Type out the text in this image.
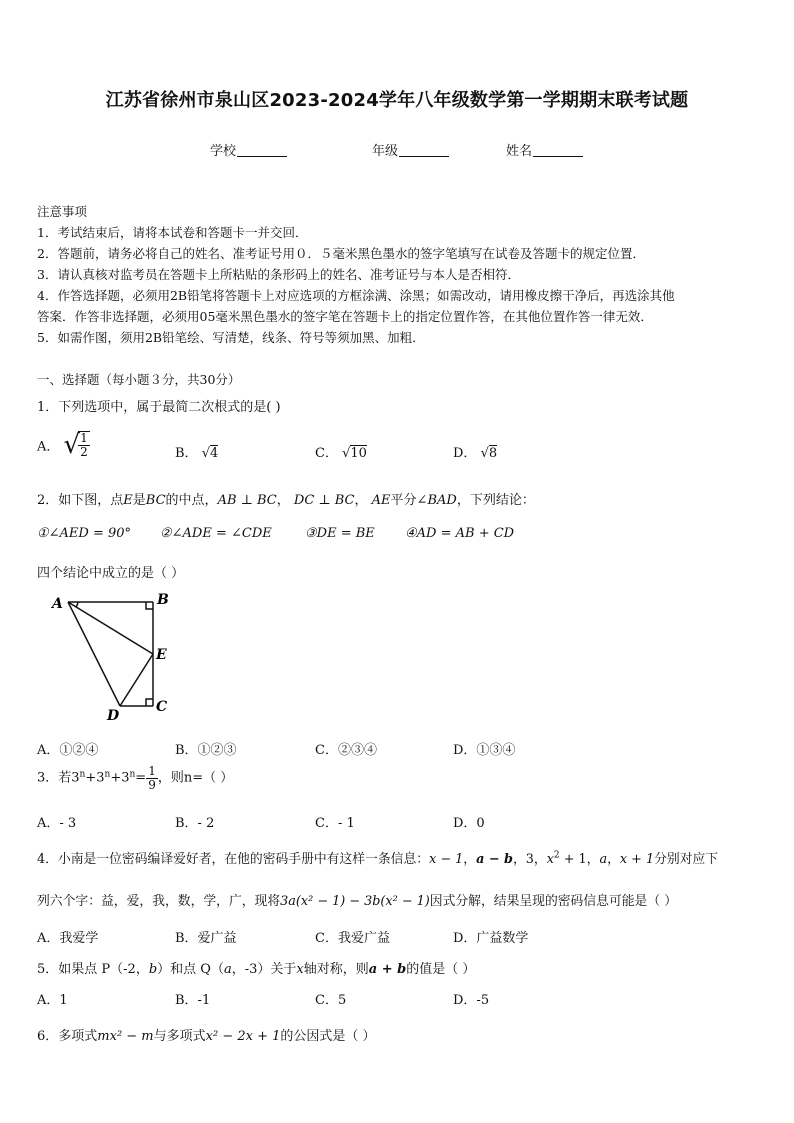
江苏省徐州市泉山区2023-2024学年八年级数学第一学期期末联考试题
学校	年级	姓名
注意事项
1．考试结束后，请将本试卷和答题卡一并交回．
2．答题前，请务必将自己的姓名、准考证号用０．５毫米黑色墨水的签字笔填写在试卷及答题卡的规定位置．
3．请认真核对监考员在答题卡上所粘贴的条形码上的姓名、准考证号与本人是否相符．
4．作答选择题，必须用2B铅笔将答题卡上对应选项的方框涂满、涂黑；如需改动，请用橡皮擦干净后，再选涂其他
答案．作答非选择题，必须用05毫米黑色墨水的签字笔在答题卡上的指定位置作答，在其他位置作答一律无效．
5．如需作图，须用2B铅笔绘、写清楚，线条、符号等须加黑、加粗．
一、选择题（每小题３分，共30分）
1．下列选项中，属于最简二次根式的是( )
A． √
$\frac{1}{2}$	B． √4	C． √10	D． √8
2．如下图，点E是BC的中点，AB ⊥ BC， DC ⊥ BC， AE平分∠BAD，下列结论：
①∠AED = 90° ②∠ADE = ∠CDE	③DE = BE ④AD = AB + CD
四个结论中成立的是（ ）
A	B
E
C
D
A．①②④	B．①②③	C．②③④	D．①③④
3．若$3^n+3^n+3^n= \frac{1}{9}$ ，则n=（ ）
A．- 3	B．- 2	C．- 1	D．0
4．小南是一位密码编译爱好者，在他的密码手册中有这样一条信息：x − 1，a − b，3，$x^2 + 1$，a，x + 1分别对应下
列六个字：益，爱，我，数，学，广，现将3a(x² − 1) − 3b(x² − 1)因式分解，结果呈现的密码信息可能是（ ）
A．我爱学	B．爱广益	C．我爱广益	D．广益数学
5．如果点 P（-2，b）和点 Q（a，-3）关于x轴对称，则a + b的值是（ ）
A．1	B．-1	C．5	D．-5
6．多项式mx² − m与多项式x² − 2x + 1的公因式是（ ）
